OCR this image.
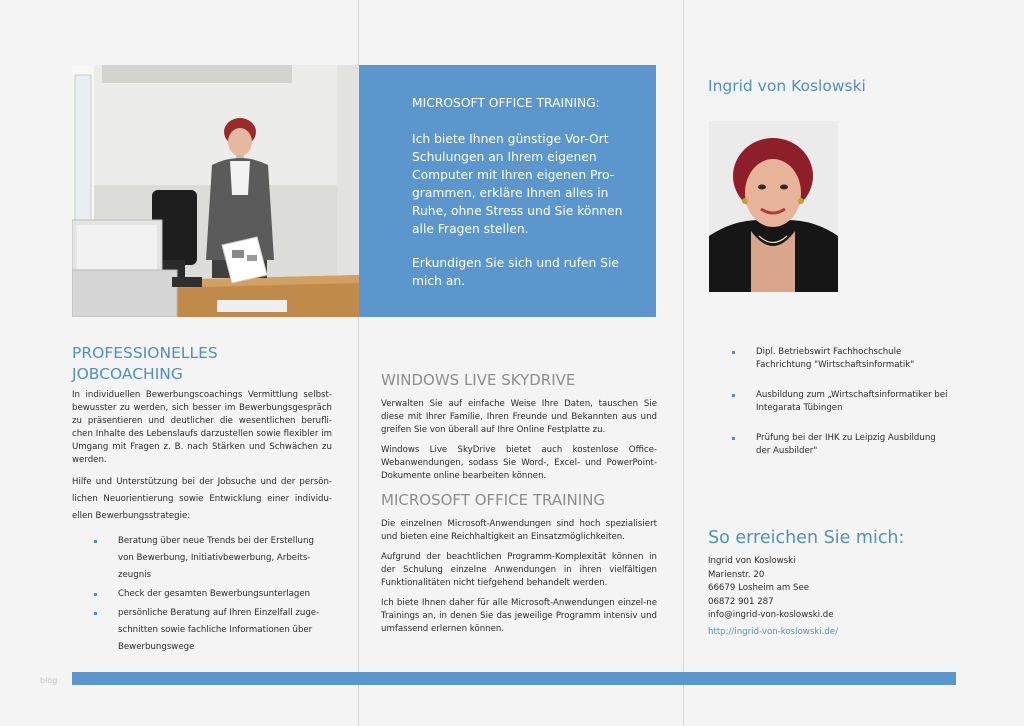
MICROSOFT OFFICE TRAINING:

Ich biete Ihnen günstige Vor-Ort Schulungen an Ihrem eigenen Computer mit Ihren eigenen Pro-grammen, erkläre Ihnen alles in Ruhe, ohne Stress und Sie können alle Fragen stellen.

Erkundigen Sie sich und rufen Sie mich an.

PROFESSIONELLES
JOBCOACHING

In individuellen Bewerbungscoachings Vermittlung selbst-bewusster zu werden, sich besser im Bewerbungsgespräch zu präsentieren und deutlicher die wesentlichen berufli-chen Inhalte des Lebenslaufs darzustellen sowie flexibler im Umgang mit Fragen z. B. nach Stärken und Schwächen zu werden.

Hilfe und Unterstützung bei der Jobsuche und der persön-lichen Neuorientierung sowie Entwicklung einer individu-ellen Bewerbungsstrategie:

Beratung über neue Trends bei der Erstellung von Bewerbung, Initiativbewerbung, Arbeits-zeugnis
Check der gesamten Bewerbungsunterlagen
persönliche Beratung auf Ihren Einzelfall zuge-schnitten sowie fachliche Informationen über Bewerbungswege
WINDOWS LIVE SKYDRIVE

Verwalten Sie auf einfache Weise Ihre Daten, tauschen Sie diese mit Ihrer Familie, Ihren Freunde und Bekannten aus und greifen Sie von überall auf Ihre Online Festplatte zu.

Windows Live SkyDrive bietet auch kostenlose Office-Webanwendungen, sodass Sie Word-, Excel- und PowerPoint-Dokumente online bearbeiten können.

MICROSOFT OFFICE TRAINING

Die einzelnen Microsoft-Anwendungen sind hoch spezialisiert und bieten eine Reichhaltigkeit an Einsatzmöglichkeiten.

Aufgrund der beachtlichen Programm-Komplexität können in der Schulung einzelne Anwendungen in ihren vielfältigen Funktionalitäten nicht tiefgehend behandelt werden.

Ich biete Ihnen daher für alle Microsoft-Anwendungen einzel-ne Trainings an, in denen Sie das jeweilige Programm intensiv und umfassend erlernen können.

Ingrid von Koslowski
Dipl. Betriebswirt Fachhochschule Fachrichtung "Wirtschaftsinformatik"
Ausbildung zum „Wirtschaftsinformatiker bei Integarata Tübingen
Prüfung bei der IHK zu Leipzig Ausbildung der Ausbilder"
So erreichen Sie mich:

Ingrid von Koslowski

Marienstr. 20

66679 Losheim am See

06872 901 287

info@ingrid-von-koslowski.de

http://ingrid-von-koslowski.de/

blog
